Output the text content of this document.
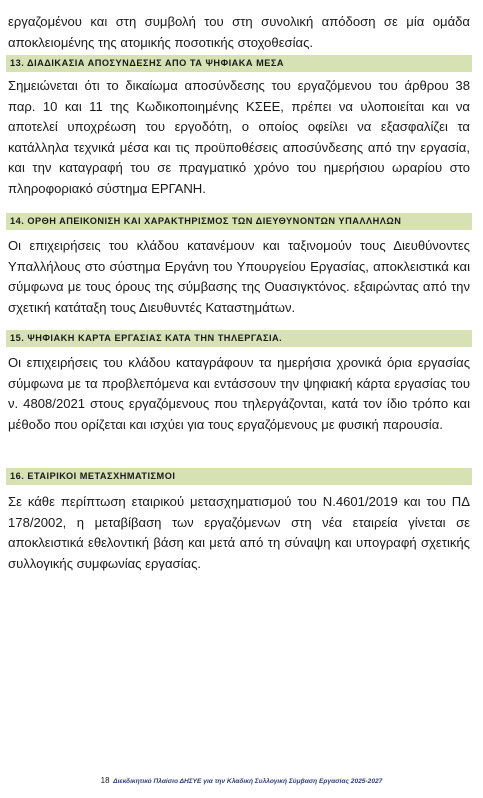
εργαζομένου και στη συμβολή του στη συνολική απόδοση σε μία ομάδα
αποκλειομένης της ατομικής ποσοτικής στοχοθεσίας.

13. ΔΙΑΔΙΚΑΣΙΑ ΑΠΟΣΥΝΔΕΣΗΣ ΑΠΟ ΤΑ ΨΗΦΙΑΚΑ ΜΕΣΑ

Σημειώνεται ότι το δικαίωμα αποσύνδεσης του εργαζόμενου του άρθρου 38 παρ. 10 και 11 της Κωδικοποιημένης ΚΣΕΕ, πρέπει να υλοποιείται και να αποτελεί υποχρέωση του εργοδότη, ο οποίος οφείλει να εξασφαλίζει τα κατάλληλα τεχνικά μέσα και τις προϋποθέσεις αποσύνδεσης από την εργασία, και την καταγραφή του σε πραγματικό χρόνο του ημερήσιου ωραρίου στο πληροφοριακό σύστημα ΕΡΓΑΝΗ.

14. ΟΡΘΗ ΑΠΕΙΚΟΝΙΣΗ ΚΑΙ ΧΑΡΑΚΤΗΡΙΣΜΟΣ ΤΩΝ ΔΙΕΥΘΥΝΟΝΤΩΝ ΥΠΑΛΛΗΛΩΝ

Οι επιχειρήσεις του κλάδου κατανέμουν και ταξινομούν τους Διευθύνοντες Υπαλλήλους στο σύστημα Εργάνη του Υπουργείου Εργασίας, αποκλειστικά και σύμφωνα με τους όρους της σύμβασης της Ουασιγκτόνος. εξαιρώντας από την σχετική κατάταξη τους Διευθυντές Καταστημάτων.

15. ΨΗΦΙΑΚΗ ΚΑΡΤΑ ΕΡΓΑΣΙΑΣ ΚΑΤΑ ΤΗΝ ΤΗΛΕΡΓΑΣΙΑ.

Οι επιχειρήσεις του κλάδου καταγράφουν τα ημερήσια χρονικά όρια εργασίας σύμφωνα με τα προβλεπόμενα και εντάσσουν την ψηφιακή κάρτα εργασίας του ν. 4808/2021 στους εργαζόμενους που τηλεργάζονται, κατά τον ίδιο τρόπο και μέθοδο που ορίζεται και ισχύει για τους εργαζόμενους με φυσική παρουσία.

16. ΕΤΑΙΡΙΚΟΙ ΜΕΤΑΣΧΗΜΑΤΙΣΜΟΙ

Σε κάθε περίπτωση εταιρικού μετασχηματισμού του Ν.4601/2019 και του ΠΔ 178/2002, η μεταβίβαση των εργαζόμενων στη νέα εταιρεία γίνεται σε αποκλειστικά εθελοντική βάση και μετά από τη σύναψη και υπογραφή σχετικής συλλογικής συμφωνίας εργασίας.

18 Διεκδικητικό Πλαίσιο ΔΗΣΥΕ για την Κλαδική Συλλογική Σύμβαση Εργασίας 2025-2027
